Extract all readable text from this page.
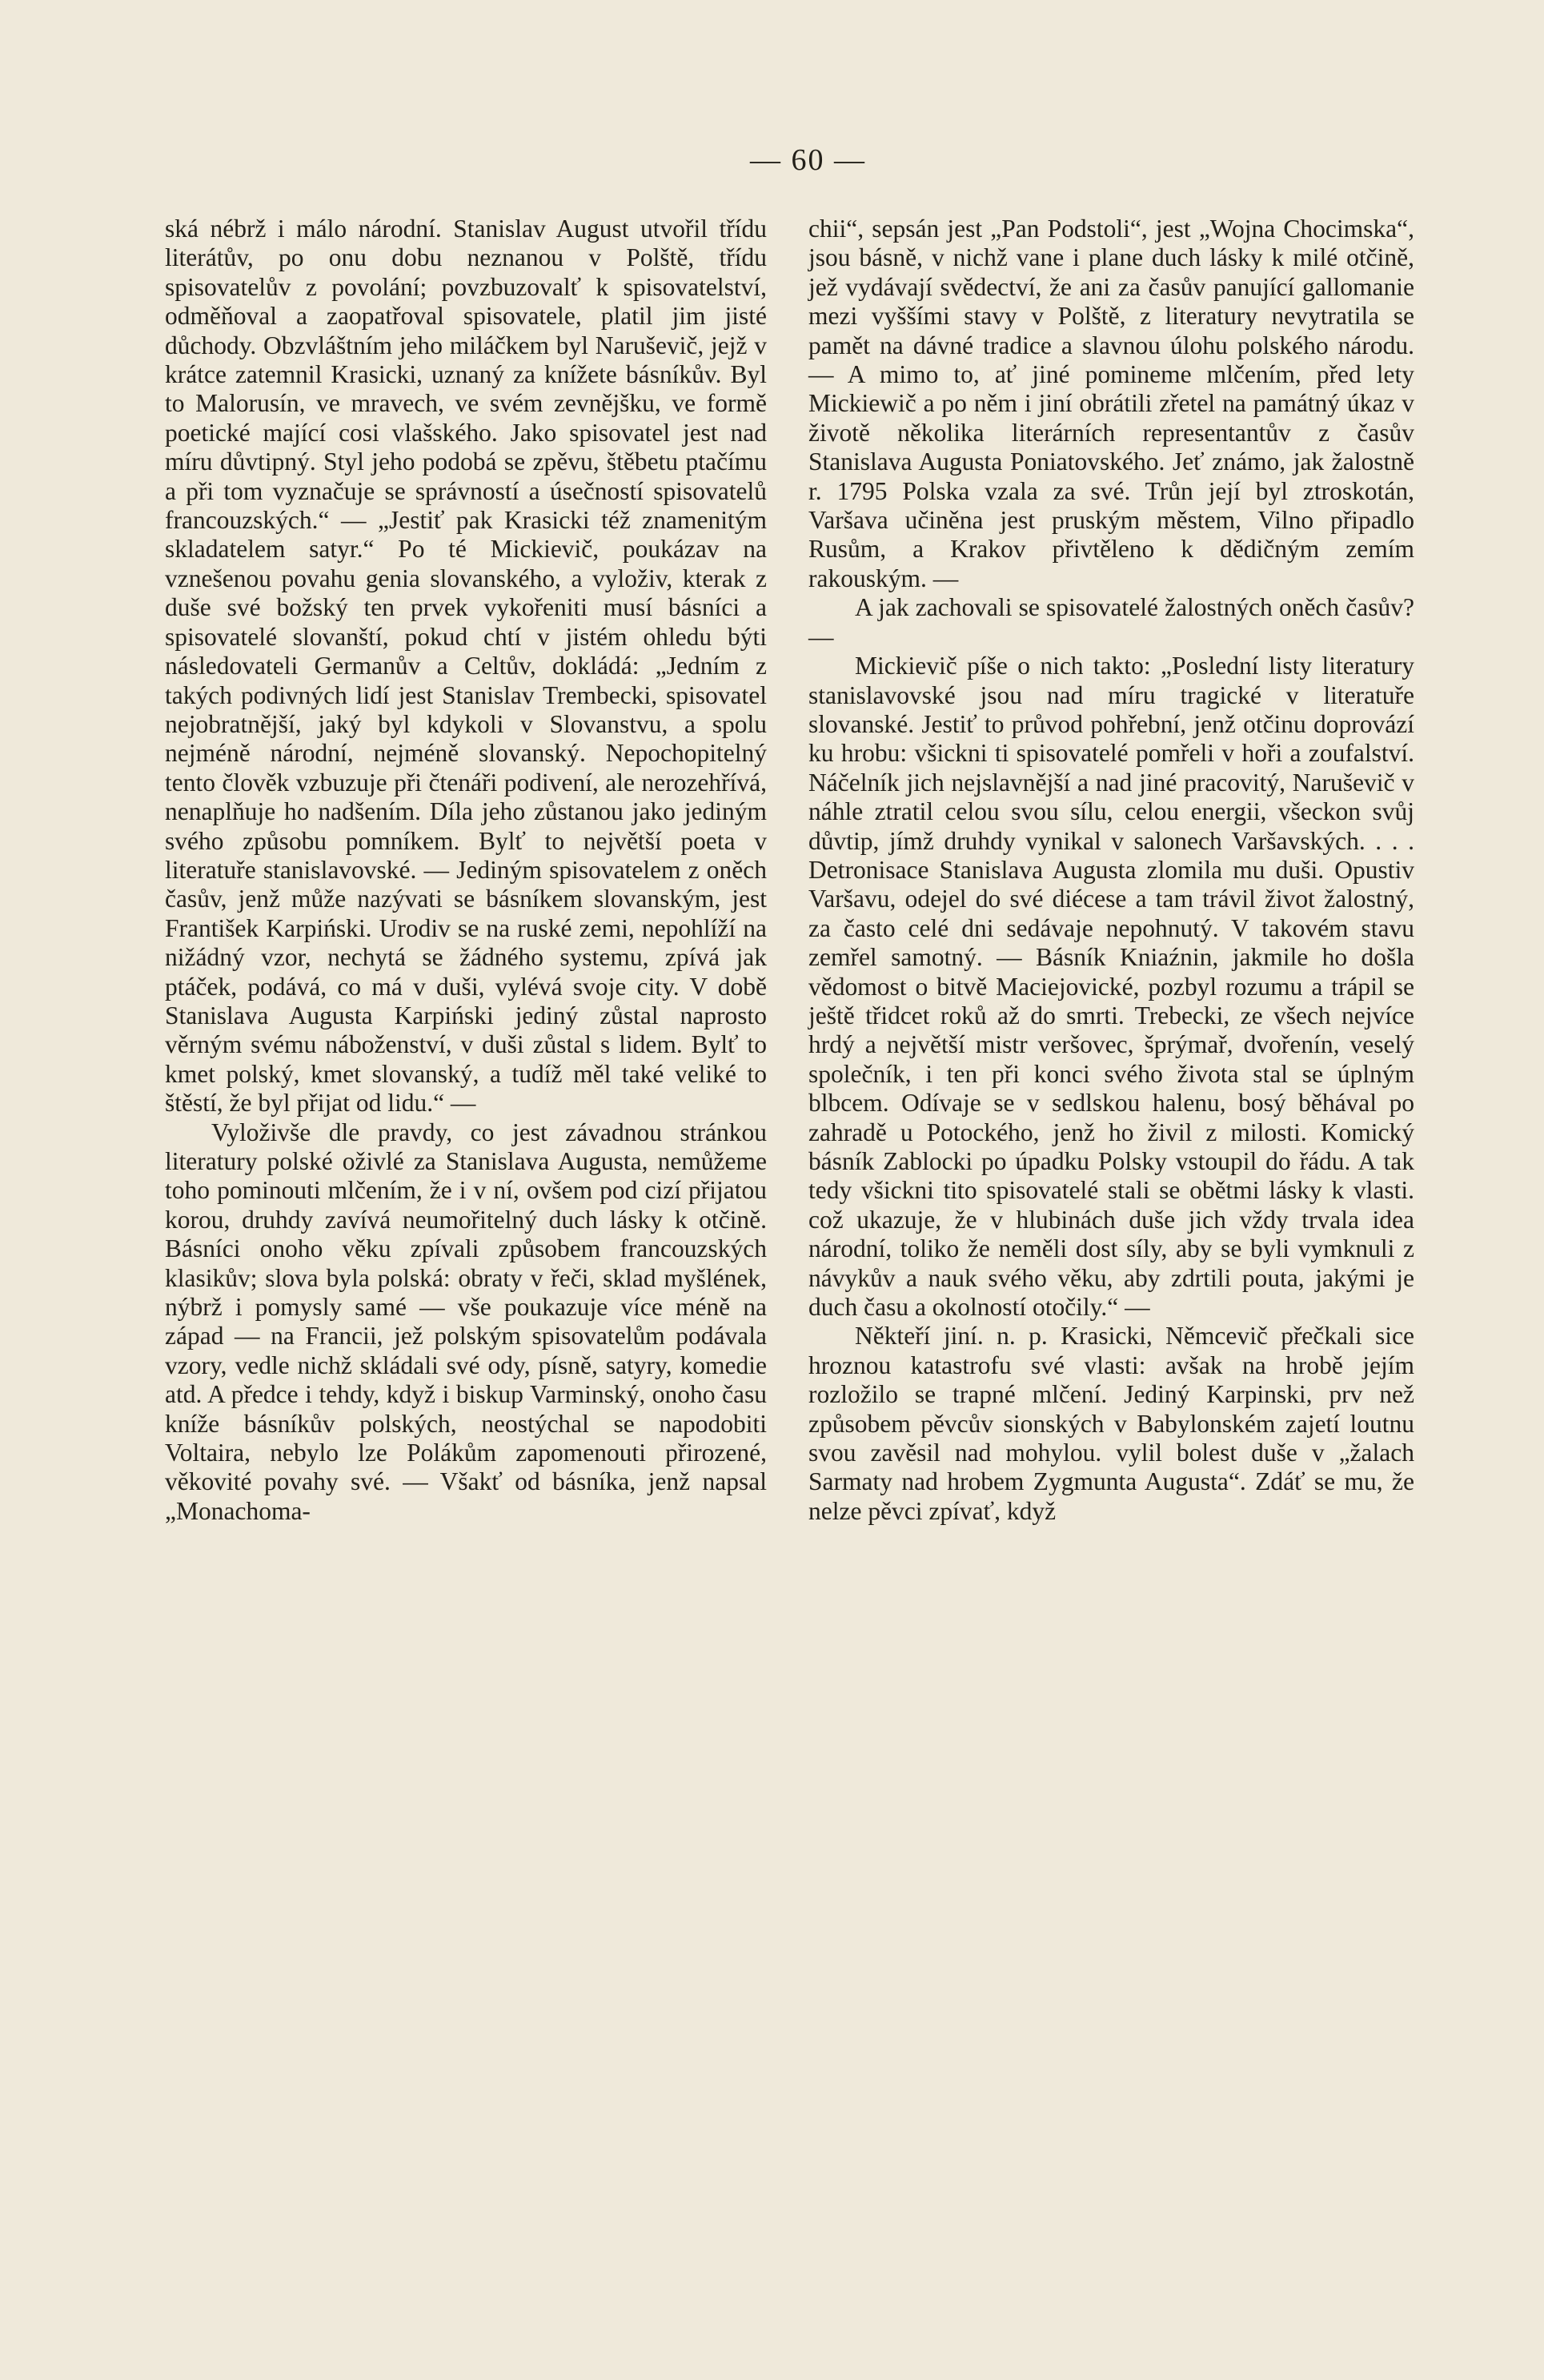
— 60 —

ská nébrž i málo národní. Stanislav August utvořil třídu literátův, po onu dobu neznanou v Polště, třídu spisovatelův z povolání; povzbuzovalť k spisovatelství, odměňoval a zaopatřoval spisovatele, platil jim jisté důchody. Obzvláštním jeho miláčkem byl Naruševič, jejž v krátce zatemnil Krasicki, uznaný za knížete básníkův. Byl to Malorusín, ve mravech, ve svém zevnějšku, ve formě poetické mající cosi vlašského. Jako spisovatel jest nad míru důvtipný. Styl jeho podobá se zpěvu, štěbetu ptačímu a při tom vyznačuje se správností a úsečností spisovatelů francouzských.“ — „Jestiť pak Krasicki též znamenitým skladatelem satyr.“ Po té Mickievič, poukázav na vznešenou povahu genia slovanského, a vyloživ, kterak z duše své božský ten prvek vykořeniti musí básníci a spisovatelé slovanští, pokud chtí v jistém ohledu býti následovateli Germanův a Celtův, dokládá: „Jedním z takých podivných lidí jest Stanislav Trembecki, spisovatel nejobratnější, jaký byl kdykoli v Slovanstvu, a spolu nejméně národní, nejméně slovanský. Nepochopitelný tento člověk vzbuzuje při čtenáři podivení, ale nerozehřívá, nenaplňuje ho nadšením. Díla jeho zůstanou jako jediným svého způsobu pomníkem. Bylť to největší poeta v literatuře stanislavovské. — Jediným spisovatelem z oněch časův, jenž může nazývati se básníkem slovanským, jest František Karpiński. Urodiv se na ruské zemi, nepohlíží na nižádný vzor, nechytá se žádného systemu, zpívá jak ptáček, podává, co má v duši, vylévá svoje city. V době Stanislava Augusta Karpiński jediný zůstal naprosto věrným svému náboženství, v duši zůstal s lidem. Bylť to kmet polský, kmet slovanský, a tudíž měl také veliké to štěstí, že byl přijat od lidu.“ —

Vyloživše dle pravdy, co jest závadnou stránkou literatury polské oživlé za Stanislava Augusta, nemůžeme toho pominouti mlčením, že i v ní, ovšem pod cizí přijatou korou, druhdy zavívá neumořitelný duch lásky k otčině. Básníci onoho věku zpívali způsobem francouzských klasikův; slova byla polská: obraty v řeči, sklad myšlének, nýbrž i pomysly samé — vše poukazuje více méně na západ — na Francii, jež polským spisovatelům podávala vzory, vedle nichž skládali své ody, písně, satyry, komedie atd. A předce i tehdy, když i biskup Varminský, onoho času kníže básníkův polských, neostýchal se napodobiti Voltaira, nebylo lze Polákům zapomenouti přirozené, věkovité povahy své. — Všakť od básníka, jenž napsal „Monachoma-

chii“, sepsán jest „Pan Podstoli“, jest „Wojna Chocimska“, jsou básně, v nichž vane i plane duch lásky k milé otčině, jež vydávají svědectví, že ani za časův panující gallomanie mezi vyššími stavy v Polště, z literatury nevytratila se pamět na dávné tradice a slavnou úlohu polského národu. — A mimo to, ať jiné pomineme mlčením, před lety Mickiewič a po něm i jiní obrátili zřetel na památný úkaz v životě několika literárních representantův z časův Stanislava Augusta Poniatovského. Jeť známo, jak žalostně r. 1795 Polska vzala za své. Trůn její byl ztroskotán, Varšava učiněna jest pruským městem, Vilno připadlo Rusům, a Krakov přivtěleno k dědičným zemím rakouským. —

A jak zachovali se spisovatelé žalostných oněch časův? —

Mickievič píše o nich takto: „Poslední listy literatury stanislavovské jsou nad míru tragické v literatuře slovanské. Jestiť to průvod pohřební, jenž otčinu doprovází ku hrobu: všickni ti spisovatelé pomřeli v hoři a zoufalství. Náčelník jich nejslavnější a nad jiné pracovitý, Naruševič v náhle ztratil celou svou sílu, celou energii, všeckon svůj důvtip, jímž druhdy vynikal v salonech Varšavských. . . . Detronisace Stanislava Augusta zlomila mu duši. Opustiv Varšavu, odejel do své diécese a tam trávil život žalostný, za často celé dni sedávaje nepohnutý. V takovém stavu zemřel samotný. — Básník Kniaźnin, jakmile ho došla vědomost o bitvě Maciejovické, pozbyl rozumu a trápil se ještě třidcet roků až do smrti. Trebecki, ze všech nejvíce hrdý a největší mistr veršovec, šprýmař, dvořenín, veselý společník, i ten při konci svého života stal se úplným blbcem. Odívaje se v sedlskou halenu, bosý běhával po zahradě u Potockého, jenž ho živil z milosti. Komický básník Zablocki po úpadku Polsky vstoupil do řádu. A tak tedy všickni tito spisovatelé stali se obětmi lásky k vlasti. což ukazuje, že v hlubinách duše jich vždy trvala idea národní, toliko že neměli dost síly, aby se byli vymknuli z návykův a nauk svého věku, aby zdrtili pouta, jakými je duch času a okolností otočily.“ —

Někteří jiní. n. p. Krasicki, Němcevič přečkali sice hroznou katastrofu své vlasti: avšak na hrobě jejím rozložilo se trapné mlčení. Jediný Karpinski, prv než způsobem pěvcův sionských v Babylonském zajetí loutnu svou zavěsil nad mohylou. vylil bolest duše v „žalach Sarmaty nad hrobem Zygmunta Augusta“. Zdáť se mu, že nelze pěvci zpívať, když
